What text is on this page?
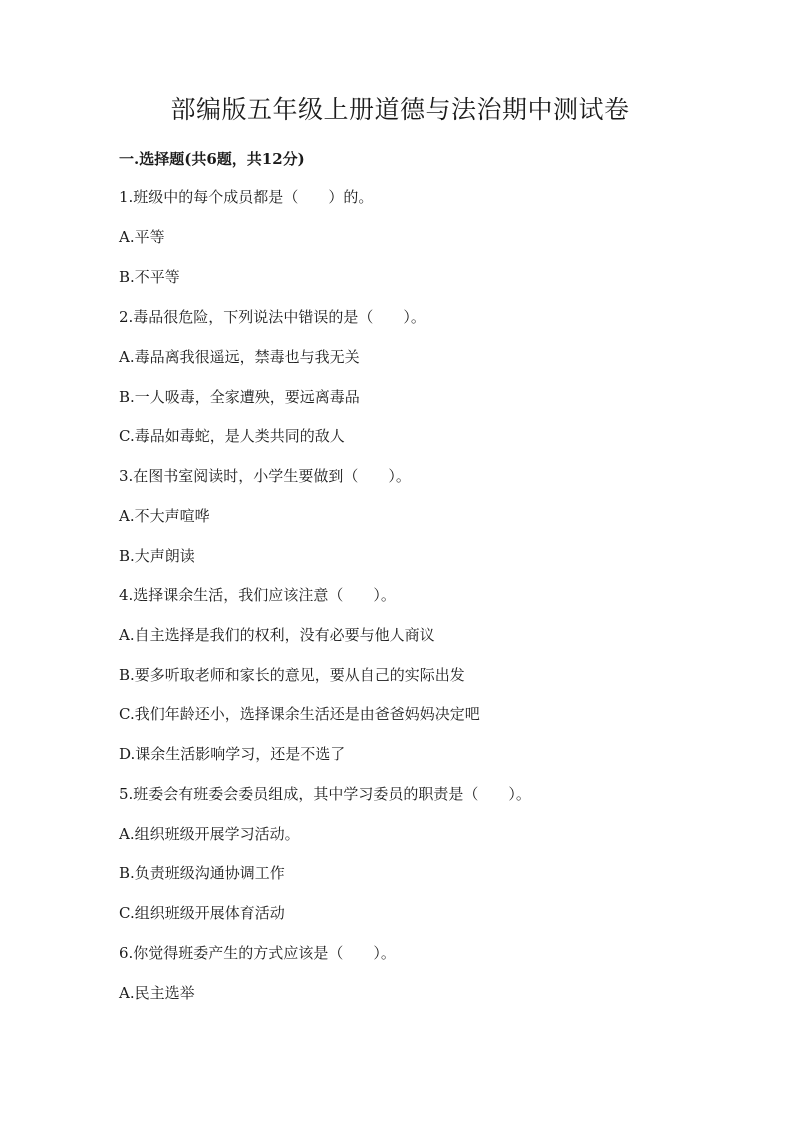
部编版五年级上册道德与法治期中测试卷
一.选择题(共6题，共12分)
1.班级中的每个成员都是（　　）的。
A.平等
B.不平等
2.毒品很危险，下列说法中错误的是（　　）。
A.毒品离我很遥远，禁毒也与我无关
B.一人吸毒，全家遭殃，要远离毒品
C.毒品如毒蛇，是人类共同的敌人
3.在图书室阅读时，小学生要做到（　　）。
A.不大声喧哗
B.大声朗读
4.选择课余生活，我们应该注意（　　）。
A.自主选择是我们的权利，没有必要与他人商议
B.要多听取老师和家长的意见，要从自己的实际出发
C.我们年龄还小，选择课余生活还是由爸爸妈妈决定吧
D.课余生活影响学习，还是不选了
5.班委会有班委会委员组成，其中学习委员的职责是（　　）。
A.组织班级开展学习活动。
B.负责班级沟通协调工作
C.组织班级开展体育活动
6.你觉得班委产生的方式应该是（　　）。
A.民主选举
